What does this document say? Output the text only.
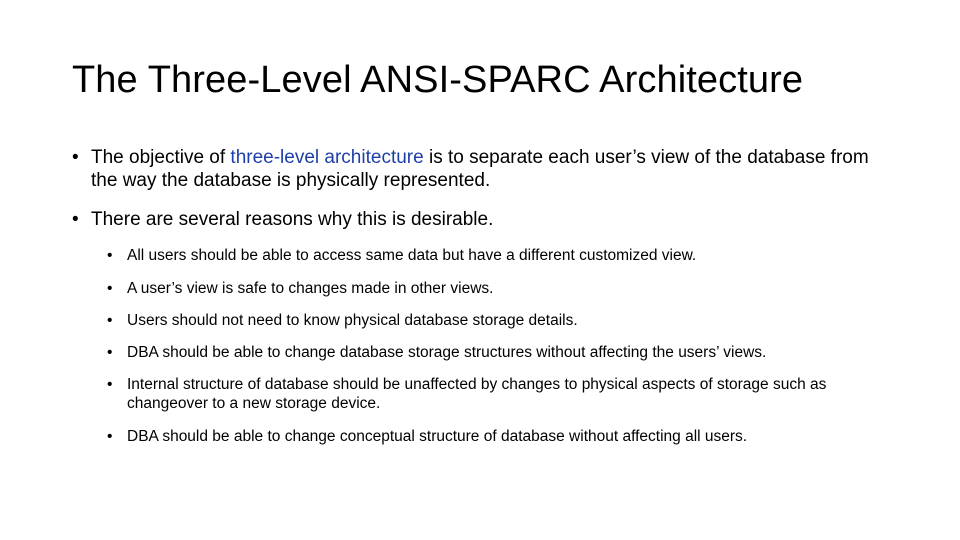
The Three-Level ANSI-SPARC Architecture
• The objective of three-level architecture is to separate each user’s view of the database from the way the database is physically represented.
• There are several reasons why this is desirable.
• All users should be able to access same data but have a different customized view.
• A user’s view is safe to changes made in other views.
• Users should not need to know physical database storage details.
• DBA should be able to change database storage structures without affecting the users’ views.
• Internal structure of database should be unaffected by changes to physical aspects of storage such as changeover to a new storage device.
• DBA should be able to change conceptual structure of database without affecting all users.
